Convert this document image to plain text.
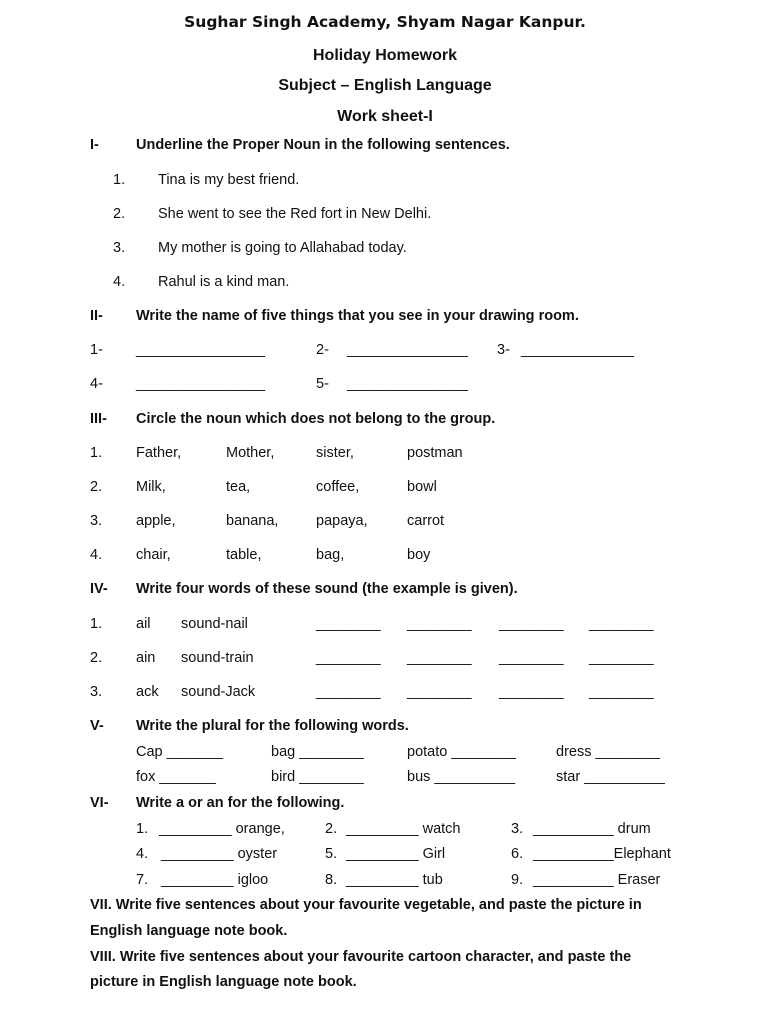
Sughar Singh Academy, Shyam Nagar Kanpur.
Holiday Homework
Subject – English Language
Work sheet-I
I-	Underline the Proper Noun in the following sentences.
1. Tina is my best friend.
2. She went to see the Red fort in New Delhi.
3. My mother is going to Allahabad today.
4. Rahul is a kind man.
II- Write the name of five things that you see in your drawing room.
1- ________________	2- _______________ 3- ______________
4- ________________	5- _______________
III- Circle the noun which does not belong to the group.
1. Father,	Mother,	sister,	postman
2. Milk,	tea,	coffee,	bowl
3. apple,	banana,	papaya,	carrot
4. chair,	table,	bag,	boy
IV- Write four words of these sound (the example is given).
1. ail sound-nail	________ ________ ________ ________
2. ain sound-train	________ ________ ________ ________
3. ack sound-Jack	________ ________ ________ ________
V- Write the plural for the following words.
Cap _______	bag ________	potato ________	dress ________
fox _______	bird ________	bus __________	star __________
VI- Write a or an for the following.
1. _________ orange,	2. _________ watch	3. __________ drum
4. _________ oyster	5. _________ Girl	6. __________Elephant
7. _________ igloo	8. _________ tub	9. __________ Eraser
VII. Write five sentences about your favourite vegetable, and paste the picture in
English language note book.
VIII. Write five sentences about your favourite cartoon character, and paste the
picture in English language note book.
